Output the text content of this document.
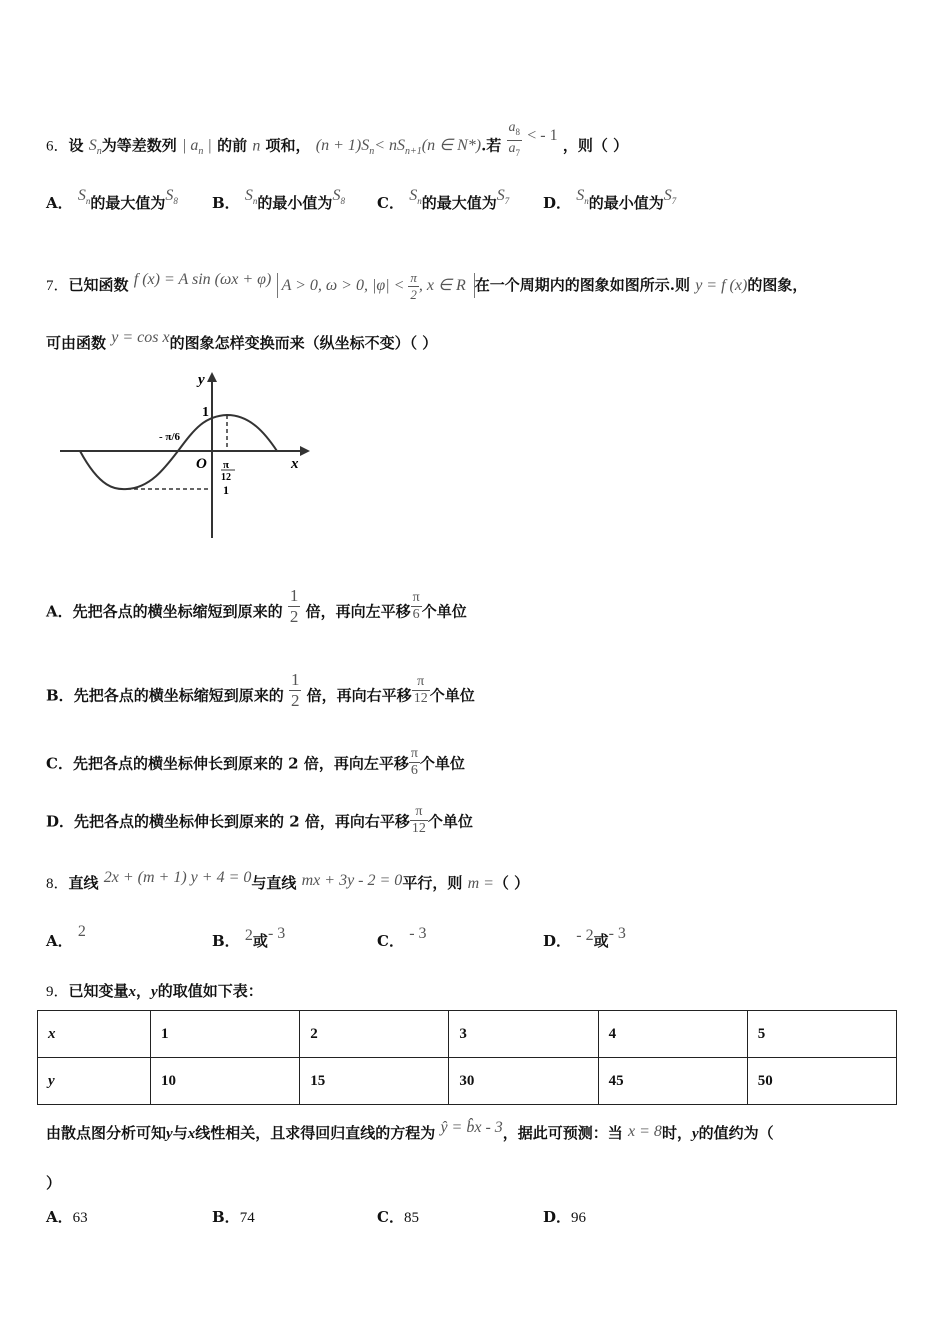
6．设 $S_n$为等差数列 | $a_n$ | 的前 n 项和， $(n + 1)S_n< nS_{n+1}(n$ ∈ N*).若 $\frac{a_8}{a_7}$ < - 1 ，则（ ）
A． $S_n$的最大值为$S_8$ B． $S_n$的最小值为$S_8$ C． $S_n$的最大值为$S_7$ D． $S_n$的最小值为$S_7$
7．已知函数 f (x) = A sin (ωx + φ) A > 0, ω > 0, $|\varphi| < \frac{\pi}{2}$ , x ∈ R 在一个周期内的图象如图所示.则 y = f (x)的图象，
可由函数 y = cos x的图象怎样变换而来（纵坐标不变）（ ）
y
x
O
1
- π/6
π
12
1
A．先把各点的横坐标缩短到原来的 $\frac{1}{2}$ 倍，再向左平移 $\frac{\pi}{6}$ 个单位
B．先把各点的横坐标缩短到原来的 $\frac{1}{2}$ 倍，再向右平移 $\frac{\pi}{12}$ 个单位
C．先把各点的横坐标伸长到原来的 2 倍，再向左平移 $\frac{\pi}{6}$ 个单位
D．先把各点的横坐标伸长到原来的 2 倍，再向右平移 $\frac{\pi}{12}$ 个单位
8．直线 2x + (m + 1) y + 4 = 0与直线 mx + 3y - 2 = 0平行，则 m =（ ）
A． 2
B． 2或- 3	C． - 3	D． - 2或- 3
9．已知变量x，y的取值如下表：
x	1	2	3	4	5
y	10	15	30	45	50
由散点图分析可知y与x线性相关，且求得回归直线的方程为 ŷ = b̂x - 3，据此可预测：当 x = 8时，y的值约为（
）
A．63	B．74	C．85	D．96
